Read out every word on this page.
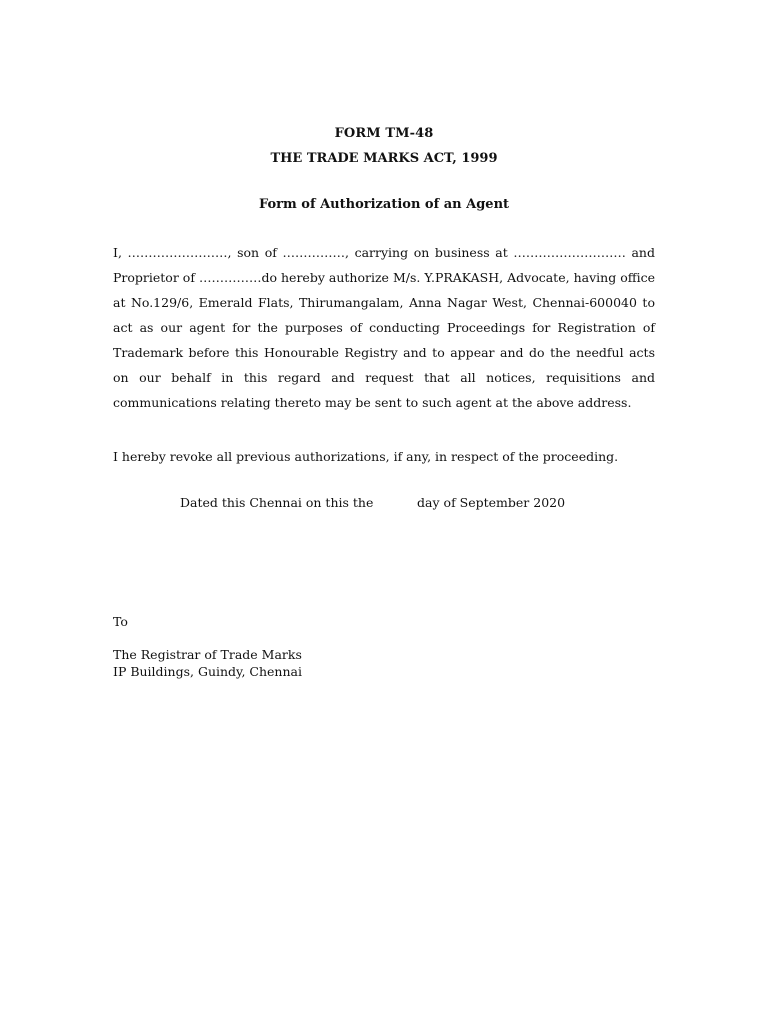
FORM TM-48
THE TRADE MARKS ACT, 1999
Form of Authorization of an Agent

I, ……………………, son of ……………, carrying on business at ……………………… and Proprietor of ……………do hereby authorize M/s. Y.PRAKASH, Advocate, having office at No.129/6, Emerald Flats, Thirumangalam, Anna Nagar West, Chennai-600040 to act as our agent for the purposes of conducting Proceedings for Registration of Trademark before this Honourable Registry and to appear and do the needful acts on our behalf in this regard and request that all notices, requisitions and communications relating thereto may be sent to such agent at the above address.

I hereby revoke all previous authorizations, if any, in respect of the proceeding.

Dated this Chennai on this the           day of September 2020

To
The Registrar of Trade Marks
IP Buildings, Guindy, Chennai
